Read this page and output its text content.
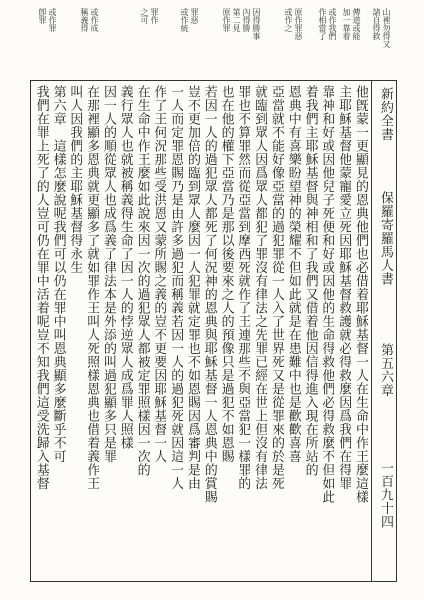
山裡勿得又
諸自得救
傳道或能
加一靠着
或作我們
作相當了
原作罪惡
或作之
因得勝事
內得勝
第二見
原作罪
罪惡
或作統
罪作
之可
或作成
稱義得
或作罪
卽罪
新約全書
保羅寄羅馬人書
第五六章
一百九十四
他旣蒙一更顯見的恩典他們也必借着耶穌基督一人在生命中作王麼這樣
主耶穌基督他蒙寵愛立死因耶穌基督救護就必得救麼因爲我們在得罪
靠神和好或因他兒子死便和好或因他的生命得救他們必得救麼不但如此
着我們主耶穌基督與神相和了我們又借着他因信得進入現在所站的
恩典中有喜樂盼望神的榮耀不但如此就是在患難中也是歡歡喜喜
亞當就不能好像亞當的過犯罪從一人入了世界死又是從罪來的於是死
就臨到眾人因爲眾人都犯了罪沒有律法之先罪已經在世上但沒有律法
罪也不算罪然而從亞當到摩西死就作了王連那些不與亞當犯一樣罪的
也在他的權下亞當乃是那以後要來之人的預像只是過犯不如恩賜
若因一人的過犯眾人都死了何況神的恩典與耶穌基督一人恩典中的賞賜
豈不更加倍的臨到眾人麼因一人犯罪就定罪也不如恩賜因爲審判是由
一人而定罪恩賜乃是由許多過犯而稱義若因一人的過犯死就因這一人
作了王何況那些受洪恩又蒙所賜之義的豈不更要因耶穌基督一人
在生命中作王麼如此說來因一次的過犯眾人都被定罪照樣因一次的
義行眾人也就被稱義得生命了因一人的悖逆眾人成爲罪人照樣
因一人的順從眾人也成爲義了律法本是外添的叫過犯顯多只是罪
在那裡顯多恩典就更顯多了就如罪作王叫人死照樣恩典也借着義作王
叫人因我們的主耶穌基督得永生
第六章　這樣怎麼說呢我們可以仍在罪中叫恩典顯多麼斷乎不可
我們在罪上死了的人豈可仍在罪中活着呢豈不知我們這受洗歸入基督
